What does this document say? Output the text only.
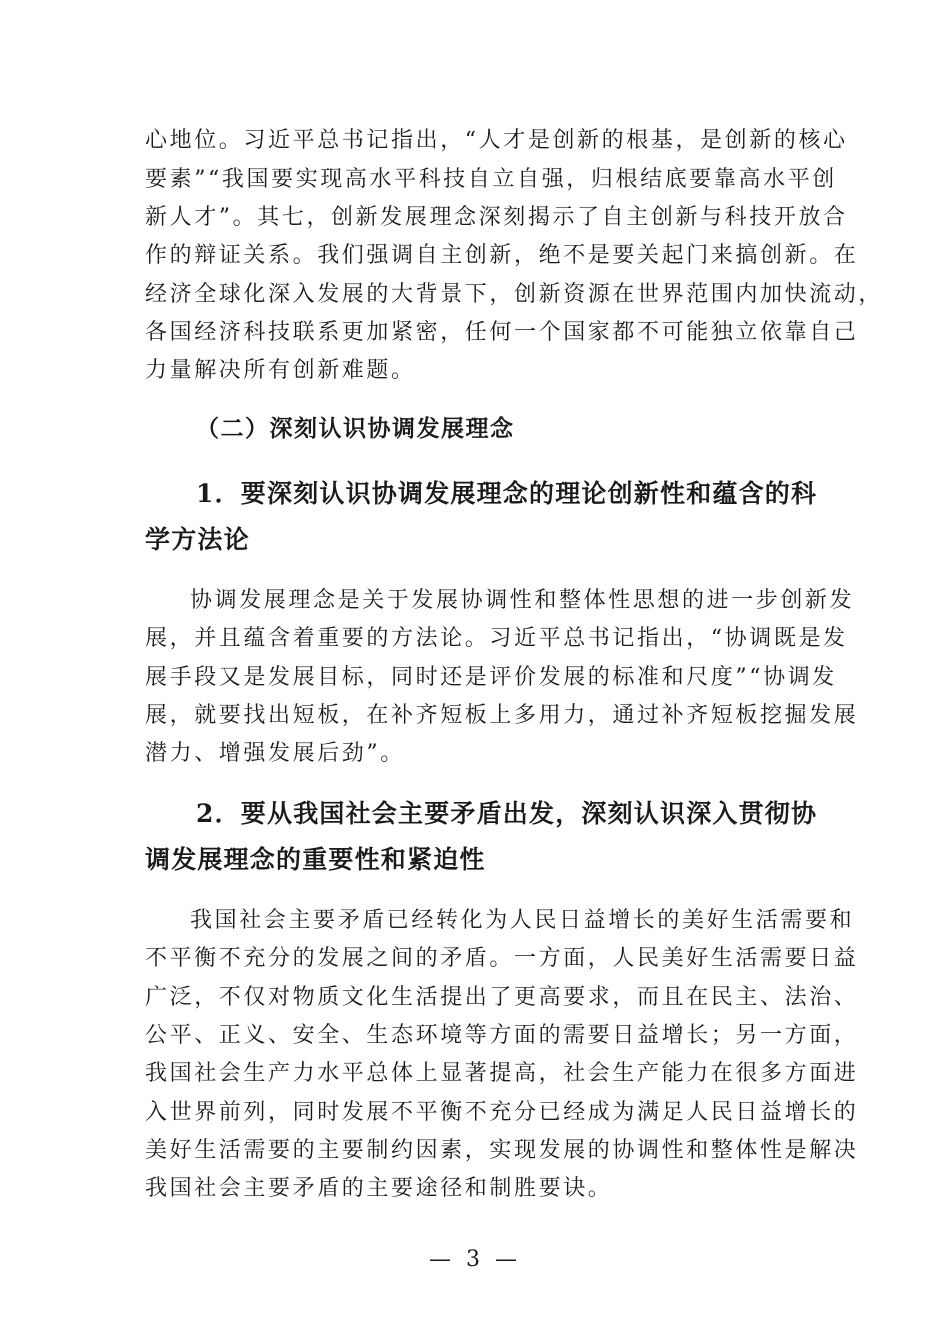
心地位。习近平总书记指出，“人才是创新的根基，是创新的核心

要素”“我国要实现高水平科技自立自强，归根结底要靠高水平创

新人才”。其七，创新发展理念深刻揭示了自主创新与科技开放合

作的辩证关系。我们强调自主创新，绝不是要关起门来搞创新。在

经济全球化深入发展的大背景下，创新资源在世界范围内加快流动，

各国经济科技联系更加紧密，任何一个国家都不可能独立依靠自己

力量解决所有创新难题。

（二）深刻认识协调发展理念

1．要深刻认识协调发展理念的理论创新性和蕴含的科

学方法论

协调发展理念是关于发展协调性和整体性思想的进一步创新发

展，并且蕴含着重要的方法论。习近平总书记指出，“协调既是发

展手段又是发展目标，同时还是评价发展的标准和尺度”“协调发

展，就要找出短板，在补齐短板上多用力，通过补齐短板挖掘发展

潜力、增强发展后劲”。

2．要从我国社会主要矛盾出发，深刻认识深入贯彻协

调发展理念的重要性和紧迫性

我国社会主要矛盾已经转化为人民日益增长的美好生活需要和

不平衡不充分的发展之间的矛盾。一方面，人民美好生活需要日益

广泛，不仅对物质文化生活提出了更高要求，而且在民主、法治、

公平、正义、安全、生态环境等方面的需要日益增长；另一方面，

我国社会生产力水平总体上显著提高，社会生产能力在很多方面进

入世界前列，同时发展不平衡不充分已经成为满足人民日益增长的

美好生活需要的主要制约因素，实现发展的协调性和整体性是解决

我国社会主要矛盾的主要途径和制胜要诀。

— 3 —
